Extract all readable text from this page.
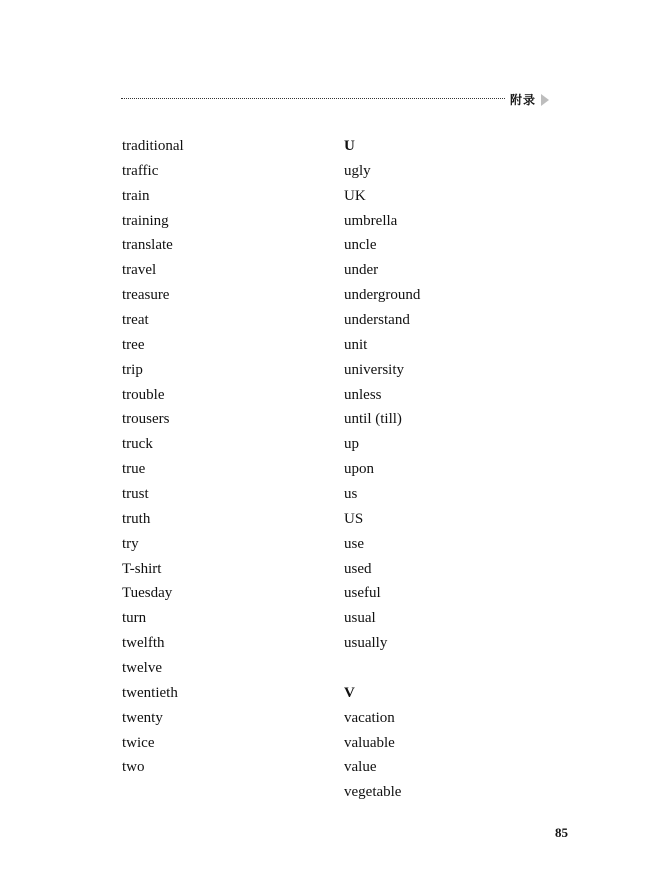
附录
traditional
traffic
train
training
translate
travel
treasure
treat
tree
trip
trouble
trousers
truck
true
trust
truth
try
T-shirt
Tuesday
turn
twelfth
twelve
twentieth
twenty
twice
two
U
ugly
UK
umbrella
uncle
under
underground
understand
unit
university
unless
until (till)
up
upon
us
US
use
used
useful
usual
usually
V
vacation
valuable
value
vegetable
85
